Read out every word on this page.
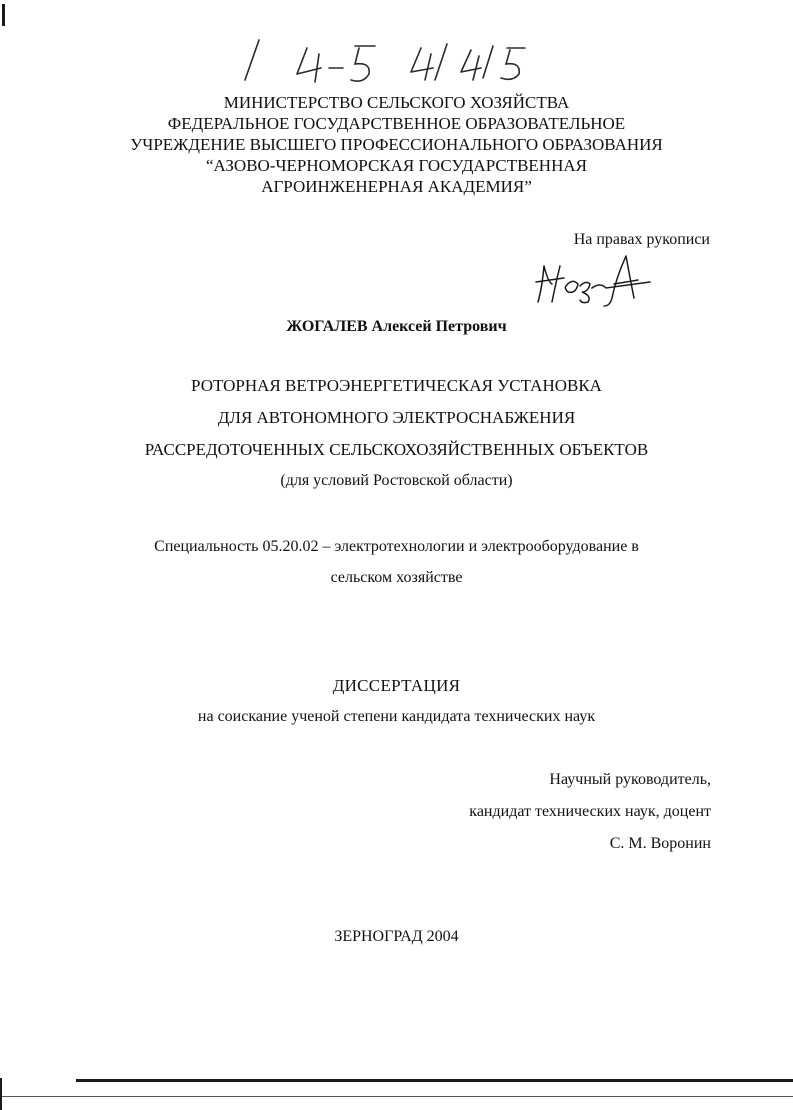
МИНИСТЕРСТВО СЕЛЬСКОГО ХОЗЯЙСТВА
ФЕДЕРАЛЬНОЕ ГОСУДАРСТВЕННОЕ ОБРАЗОВАТЕЛЬНОЕ
УЧРЕЖДЕНИЕ ВЫСШЕГО ПРОФЕССИОНАЛЬНОГО ОБРАЗОВАНИЯ
“АЗОВО-ЧЕРНОМОРСКАЯ ГОСУДАРСТВЕННАЯ
АГРОИНЖЕНЕРНАЯ АКАДЕМИЯ”
На правах рукописи
ЖОГАЛЕВ Алексей Петрович
РОТОРНАЯ ВЕТРОЭНЕРГЕТИЧЕСКАЯ УСТАНОВКА
ДЛЯ АВТОНОМНОГО ЭЛЕКТРОСНАБЖЕНИЯ
РАССРЕДОТОЧЕННЫХ СЕЛЬСКОХОЗЯЙСТВЕННЫХ ОБЪЕКТОВ
(для условий Ростовской области)
Специальность 05.20.02 – электротехнологии и электрооборудование в
сельском хозяйстве
ДИССЕРТАЦИЯ
на соискание ученой степени кандидата технических наук
Научный руководитель,
кандидат технических наук, доцент
С. М. Воронин
ЗЕРНОГРАД 2004
